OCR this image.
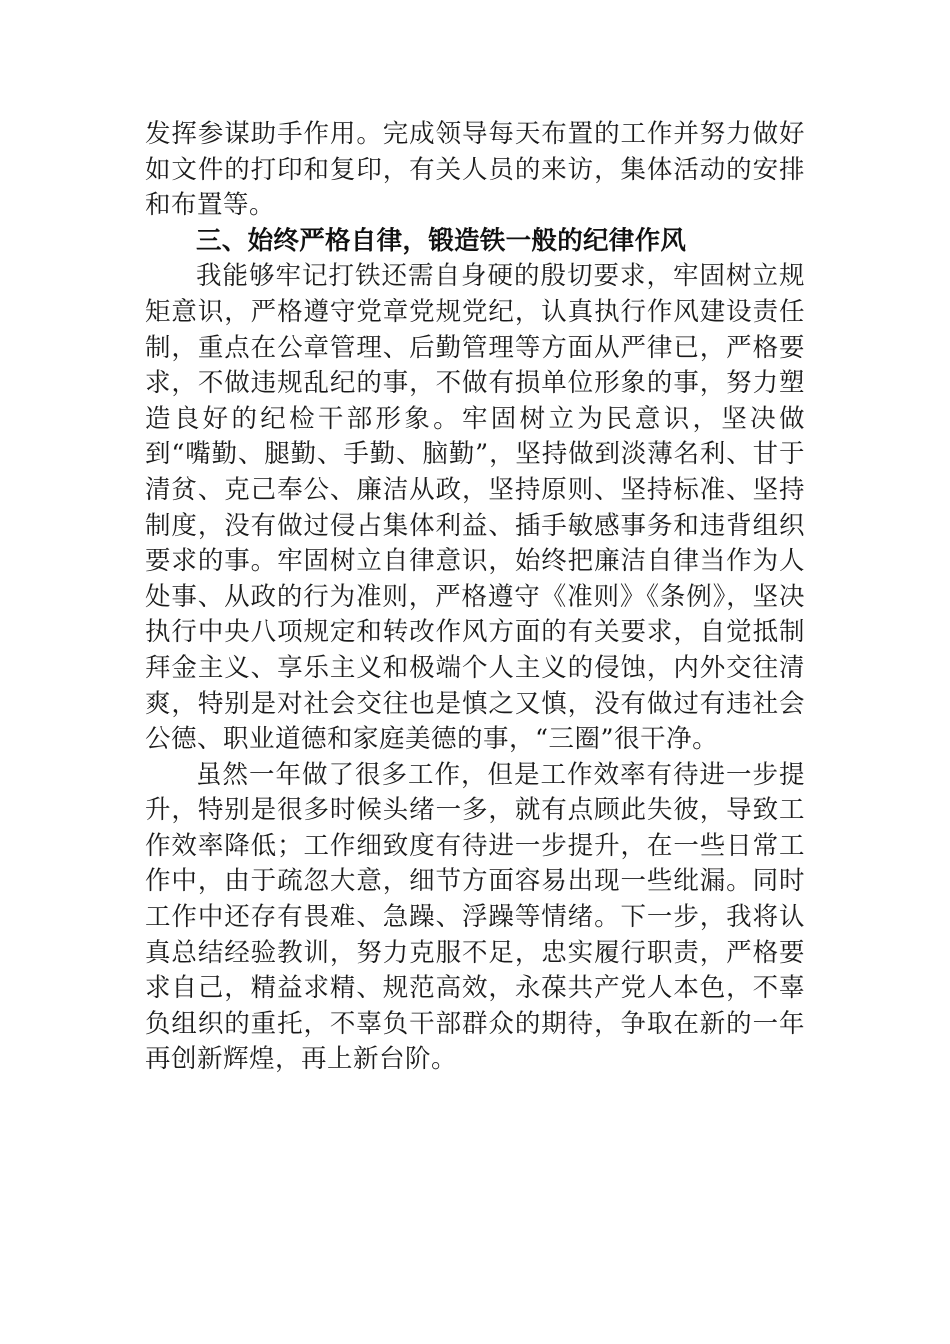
发挥参谋助手作用。完成领导每天布置的工作并努力做好如文件的打印和复印，有关人员的来访，集体活动的安排和布置等。

三、始终严格自律，锻造铁一般的纪律作风

我能够牢记打铁还需自身硬的殷切要求，牢固树立规矩意识，严格遵守党章党规党纪，认真执行作风建设责任制，重点在公章管理、后勤管理等方面从严律已，严格要求，不做违规乱纪的事，不做有损单位形象的事，努力塑造良好的纪检干部形象。牢固树立为民意识，坚决做到“嘴勤、腿勤、手勤、脑勤”，坚持做到淡薄名利、甘于清贫、克己奉公、廉洁从政，坚持原则、坚持标准、坚持制度，没有做过侵占集体利益、插手敏感事务和违背组织要求的事。牢固树立自律意识，始终把廉洁自律当作为人处事、从政的行为准则，严格遵守《准则》《条例》，坚决执行中央八项规定和转改作风方面的有关要求，自觉抵制拜金主义、享乐主义和极端个人主义的侵蚀，内外交往清爽，特别是对社会交往也是慎之又慎，没有做过有违社会公德、职业道德和家庭美德的事，“三圈”很干净。

虽然一年做了很多工作，但是工作效率有待进一步提升，特别是很多时候头绪一多，就有点顾此失彼，导致工作效率降低；工作细致度有待进一步提升，在一些日常工作中，由于疏忽大意，细节方面容易出现一些纰漏。同时工作中还存有畏难、急躁、浮躁等情绪。下一步，我将认真总结经验教训，努力克服不足，忠实履行职责，严格要求自己，精益求精、规范高效，永葆共产党人本色，不辜负组织的重托，不辜负干部群众的期待，争取在新的一年再创新辉煌，再上新台阶。
